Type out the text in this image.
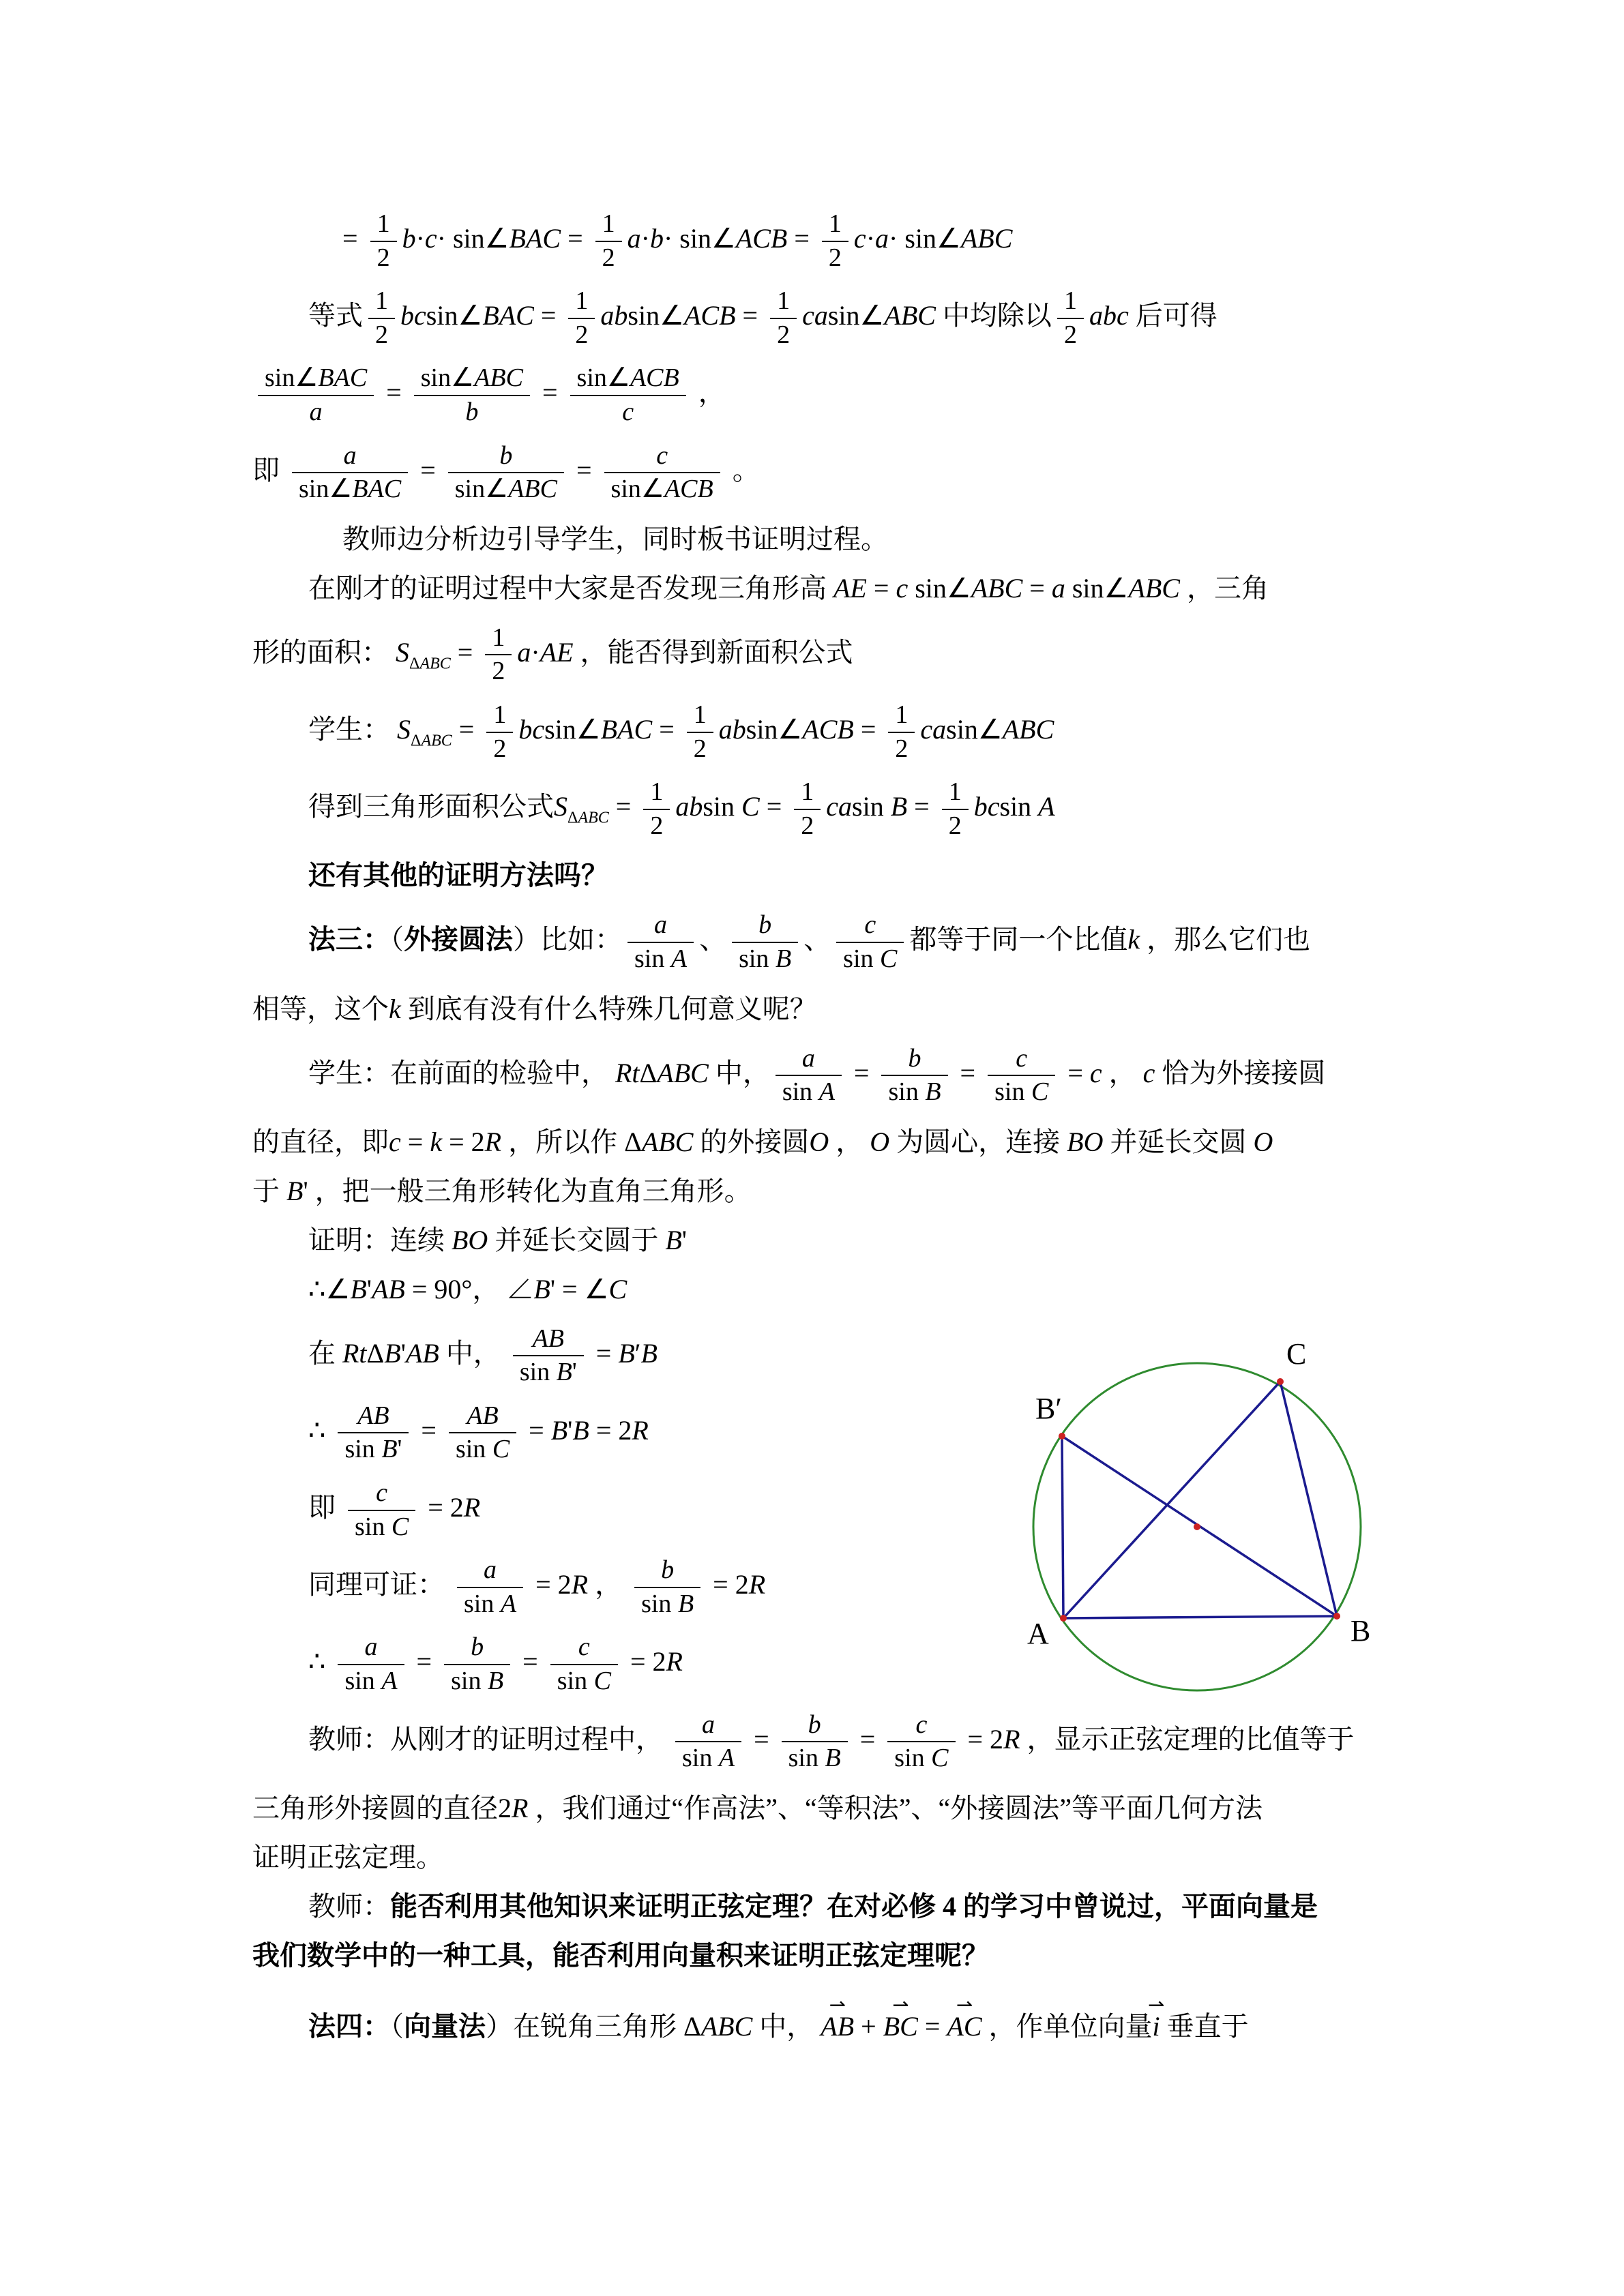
= $\frac{1}{2} b\cdot c\cdot$ sin∠BAC = $\frac{1}{2} a\cdot b\cdot$ sin∠ACB = $\frac{1}{2} c\cdot a\cdot$ sin∠ABC
等式 $\frac{1}{2}$ bcsin∠BAC = $\frac{1}{2}$ absin∠ACB = $\frac{1}{2}$ casin∠ABC 中均除以 $\frac{1}{2}$ abc 后可得
$\frac{\text{sin∠BAC}}{a} = \frac{\text{sin∠ABC}}{b} = \frac{\text{sin∠ACB}}{c}$ ，
即 $\frac{a}{\text{sin∠BAC}} = \frac{b}{\text{sin∠ABC}} = \frac{c}{\text{sin∠ACB}}$ 。
教师边分析边引导学生，同时板书证明过程。
在刚才的证明过程中大家是否发现三角形高 AE = c sin∠ABC = a sin∠ABC ，三角
形的面积： $S_{\Delta ABC} = \frac{1}{2} a\cdot AE$ ，能否得到新面积公式
学生： $S_{\Delta ABC} = \frac{1}{2}$ bcsin∠BAC = $\frac{1}{2}$ absin∠ACB = $\frac{1}{2}$ casin∠ABC
得到三角形面积公式$S_{\Delta ABC} = \frac{1}{2}$ absin $C = \frac{1}{2}$ casin $B = \frac{1}{2}$ bcsin A
还有其他的证明方法吗？
法三：（外接圆法）比如： $\frac{a}{\text{sin A}}$ 、 $\frac{b}{\text{sin B}}$ 、 $\frac{c}{\text{sin C}}$ 都等于同一个比值k ，那么它们也
相等，这个k 到底有没有什么特殊几何意义呢？
学生：在前面的检验中， RtΔABC 中， $\frac{a}{\text{sin A}} = \frac{b}{\text{sin B}} = \frac{c}{\text{sin C}} = c$ ， c 恰为外接接圆
的直径，即c = k = 2R ，所以作 ΔABC 的外接圆O ， O 为圆心，连接 BO 并延长交圆 O
于 B' ，把一般三角形转化为直角三角形。
证明：连续 BO 并延长交圆于 B'
∴∠B'AB = 90°， ∠B' = ∠C
在 RtΔB'AB 中， $\frac{AB}{\text{sin B'}} = B'B$
∴ $\frac{AB}{\text{sin B'}} = \frac{AB}{\text{sin C}} = B'B = 2R$
即 $\frac{c}{\text{sin C}} = 2R$
同理可证： $\frac{a}{\text{sin A}} = 2R$ ， $\frac{b}{\text{sin B}} = 2R$
∴ $\frac{a}{\text{sin A}} = \frac{b}{\text{sin B}} = \frac{c}{\text{sin C}} = 2R$
教师：从刚才的证明过程中， $\frac{a}{\text{sin A}} = \frac{b}{\text{sin B}} = \frac{c}{\text{sin C}} = 2R$ ，显示正弦定理的比值等于
三角形外接圆的直径2R ，我们通过“作高法”、“等积法”、“外接圆法”等平面几何方法
证明正弦定理。
教师：能否利用其他知识来证明正弦定理？在对必修 4 的学习中曾说过，平面向量是
我们数学中的一种工具，能否利用向量积来证明正弦定理呢？
法四：（向量法）在锐角三角形 ΔABC 中， AB ⇀ + BC ⇀ = AC ⇀ ，作单位向量i ⇀ 垂直于
C
B′
A	B
